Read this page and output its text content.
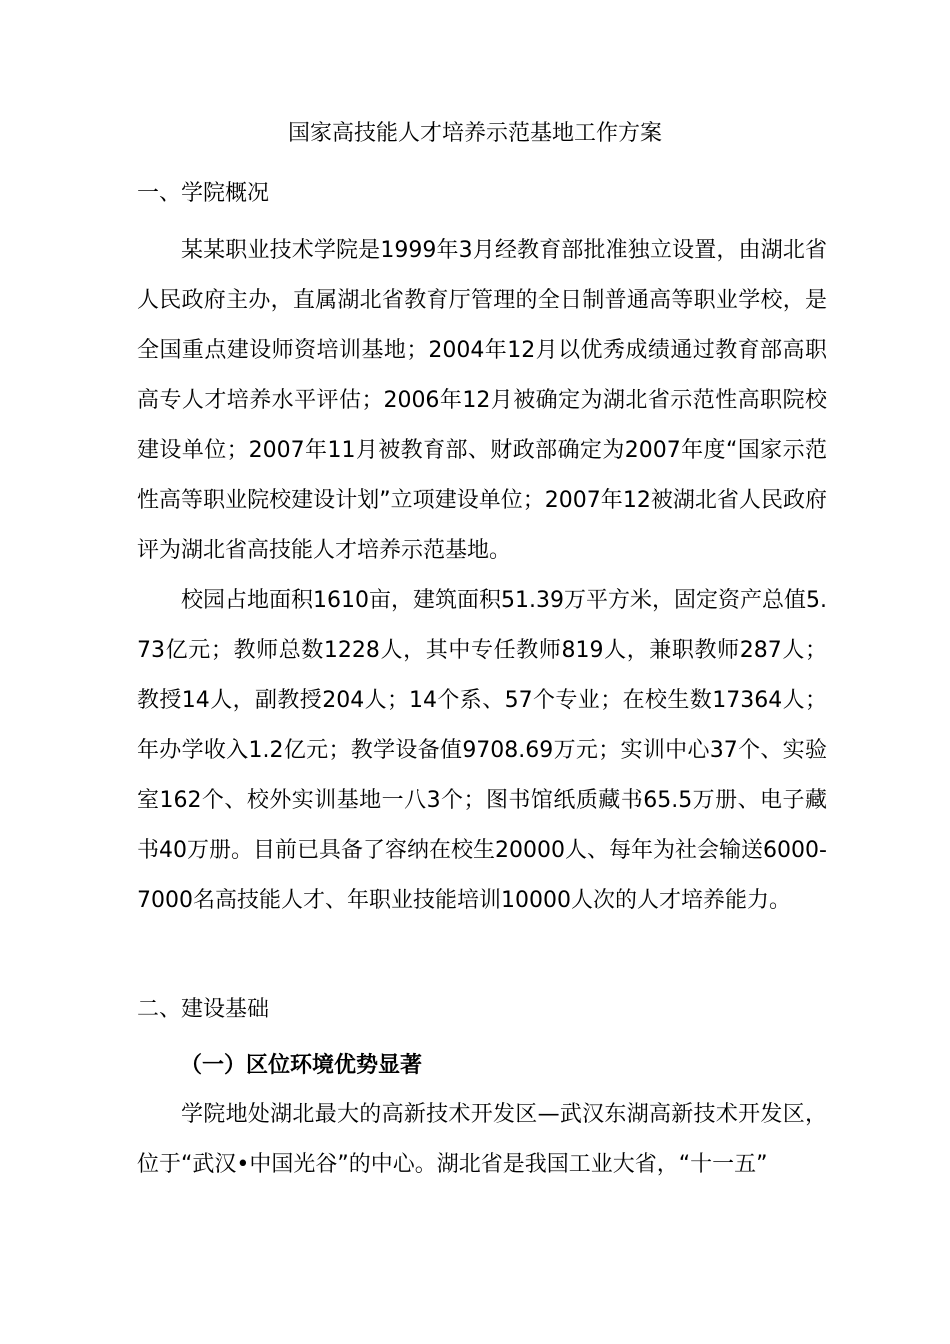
国家高技能人才培养示范基地工作方案
一、学院概况

某某职业技术学院是1999年3月经教育部批准独立设置，由湖北省人民政府主办，直属湖北省教育厅管理的全日制普通高等职业学校，是全国重点建设师资培训基地；2004年12月以优秀成绩通过教育部高职高专人才培养水平评估；2006年12月被确定为湖北省示范性高职院校建设单位；2007年11月被教育部、财政部确定为2007年度“国家示范性高等职业院校建设计划”立项建设单位；2007年12被湖北省人民政府评为湖北省高技能人才培养示范基地。

校园占地面积1610亩，建筑面积51.39万平方米，固定资产总值5.73亿元；教师总数1228人，其中专任教师819人，兼职教师287人；教授14人，副教授204人；14个系、57个专业；在校生数17364人；年办学收入1.2亿元；教学设备值9708.69万元；实训中心37个、实验室162个、校外实训基地一八3个；图书馆纸质藏书65.5万册、电子藏书40万册。目前已具备了容纳在校生20000人、每年为社会输送6000-7000名高技能人才、年职业技能培训10000人次的人才培养能力。

二、建设基础
（一）区位环境优势显著

学院地处湖北最大的高新技术开发区—武汉东湖高新技术开发区，位于“武汉•中国光谷”的中心。湖北省是我国工业大省，“十一五”
